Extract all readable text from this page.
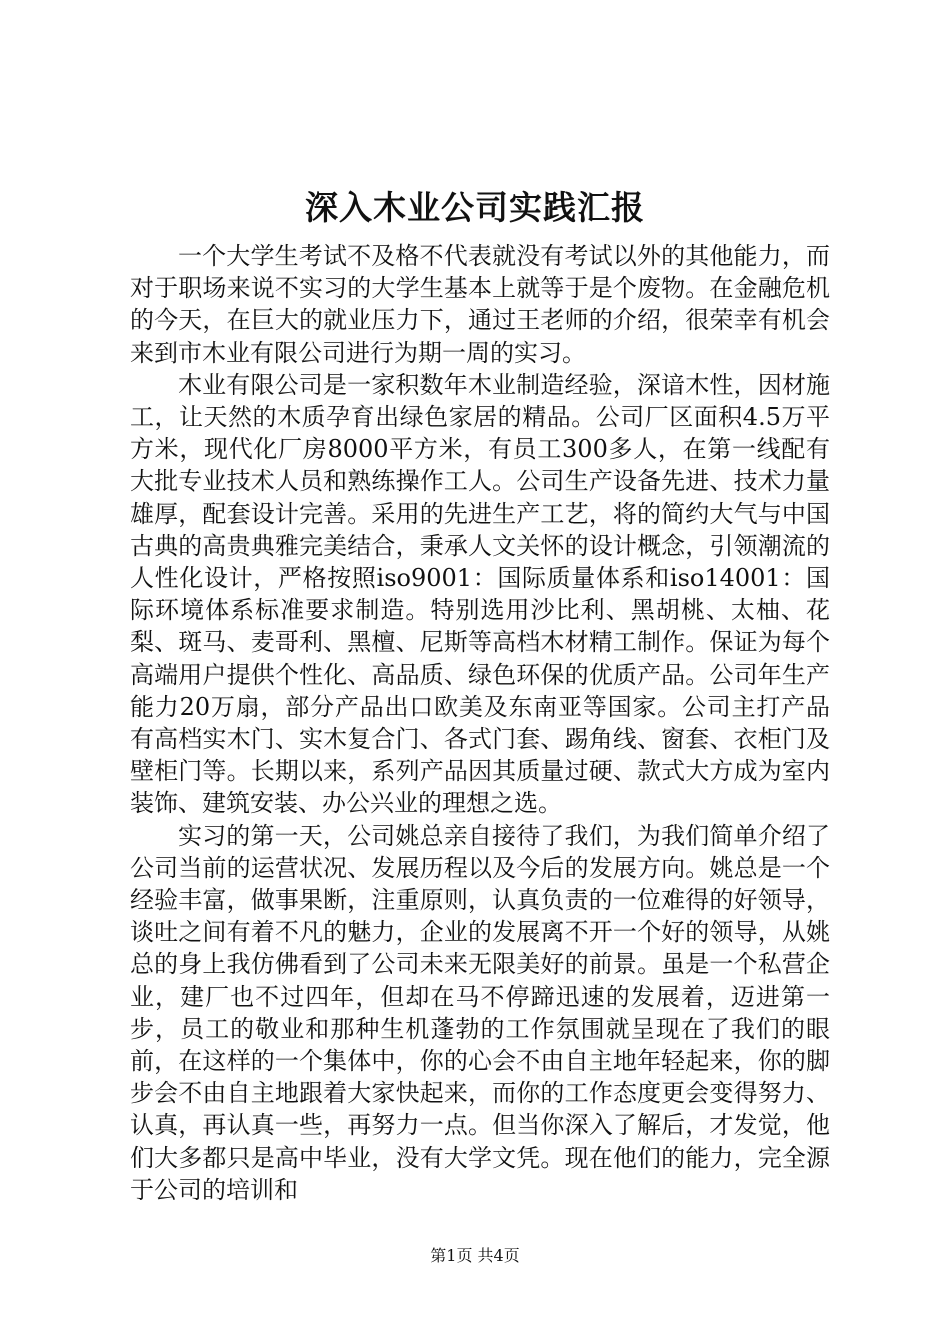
深入木业公司实践汇报

一个大学生考试不及格不代表就没有考试以外的其他能力，而对于职场来说不实习的大学生基本上就等于是个废物。在金融危机的今天，在巨大的就业压力下，通过王老师的介绍，很荣幸有机会来到市木业有限公司进行为期一周的实习。

木业有限公司是一家积数年木业制造经验，深谙木性，因材施工，让天然的木质孕育出绿色家居的精品。公司厂区面积4.5万平方米，现代化厂房8000平方米，有员工300多人，在第一线配有大批专业技术人员和熟练操作工人。公司生产设备先进、技术力量雄厚，配套设计完善。采用的先进生产工艺，将的简约大气与中国古典的高贵典雅完美结合，秉承人文关怀的设计概念，引领潮流的人性化设计，严格按照iso9001：国际质量体系和iso14001：国际环境体系标准要求制造。特别选用沙比利、黑胡桃、太柚、花梨、斑马、麦哥利、黑檀、尼斯等高档木材精工制作。保证为每个高端用户提供个性化、高品质、绿色环保的优质产品。公司年生产能力20万扇，部分产品出口欧美及东南亚等国家。公司主打产品有高档实木门、实木复合门、各式门套、踢角线、窗套、衣柜门及壁柜门等。长期以来，系列产品因其质量过硬、款式大方成为室内装饰、建筑安装、办公兴业的理想之选。

实习的第一天，公司姚总亲自接待了我们，为我们简单介绍了公司当前的运营状况、发展历程以及今后的发展方向。姚总是一个经验丰富，做事果断，注重原则，认真负责的一位难得的好领导，谈吐之间有着不凡的魅力，企业的发展离不开一个好的领导，从姚总的身上我仿佛看到了公司未来无限美好的前景。虽是一个私营企业，建厂也不过四年，但却在马不停蹄迅速的发展着，迈进第一步，员工的敬业和那种生机蓬勃的工作氛围就呈现在了我们的眼前，在这样的一个集体中，你的心会不由自主地年轻起来，你的脚步会不由自主地跟着大家快起来，而你的工作态度更会变得努力、认真，再认真一些，再努力一点。但当你深入了解后，才发觉，他们大多都只是高中毕业，没有大学文凭。现在他们的能力，完全源于公司的培训和

第1页 共4页
